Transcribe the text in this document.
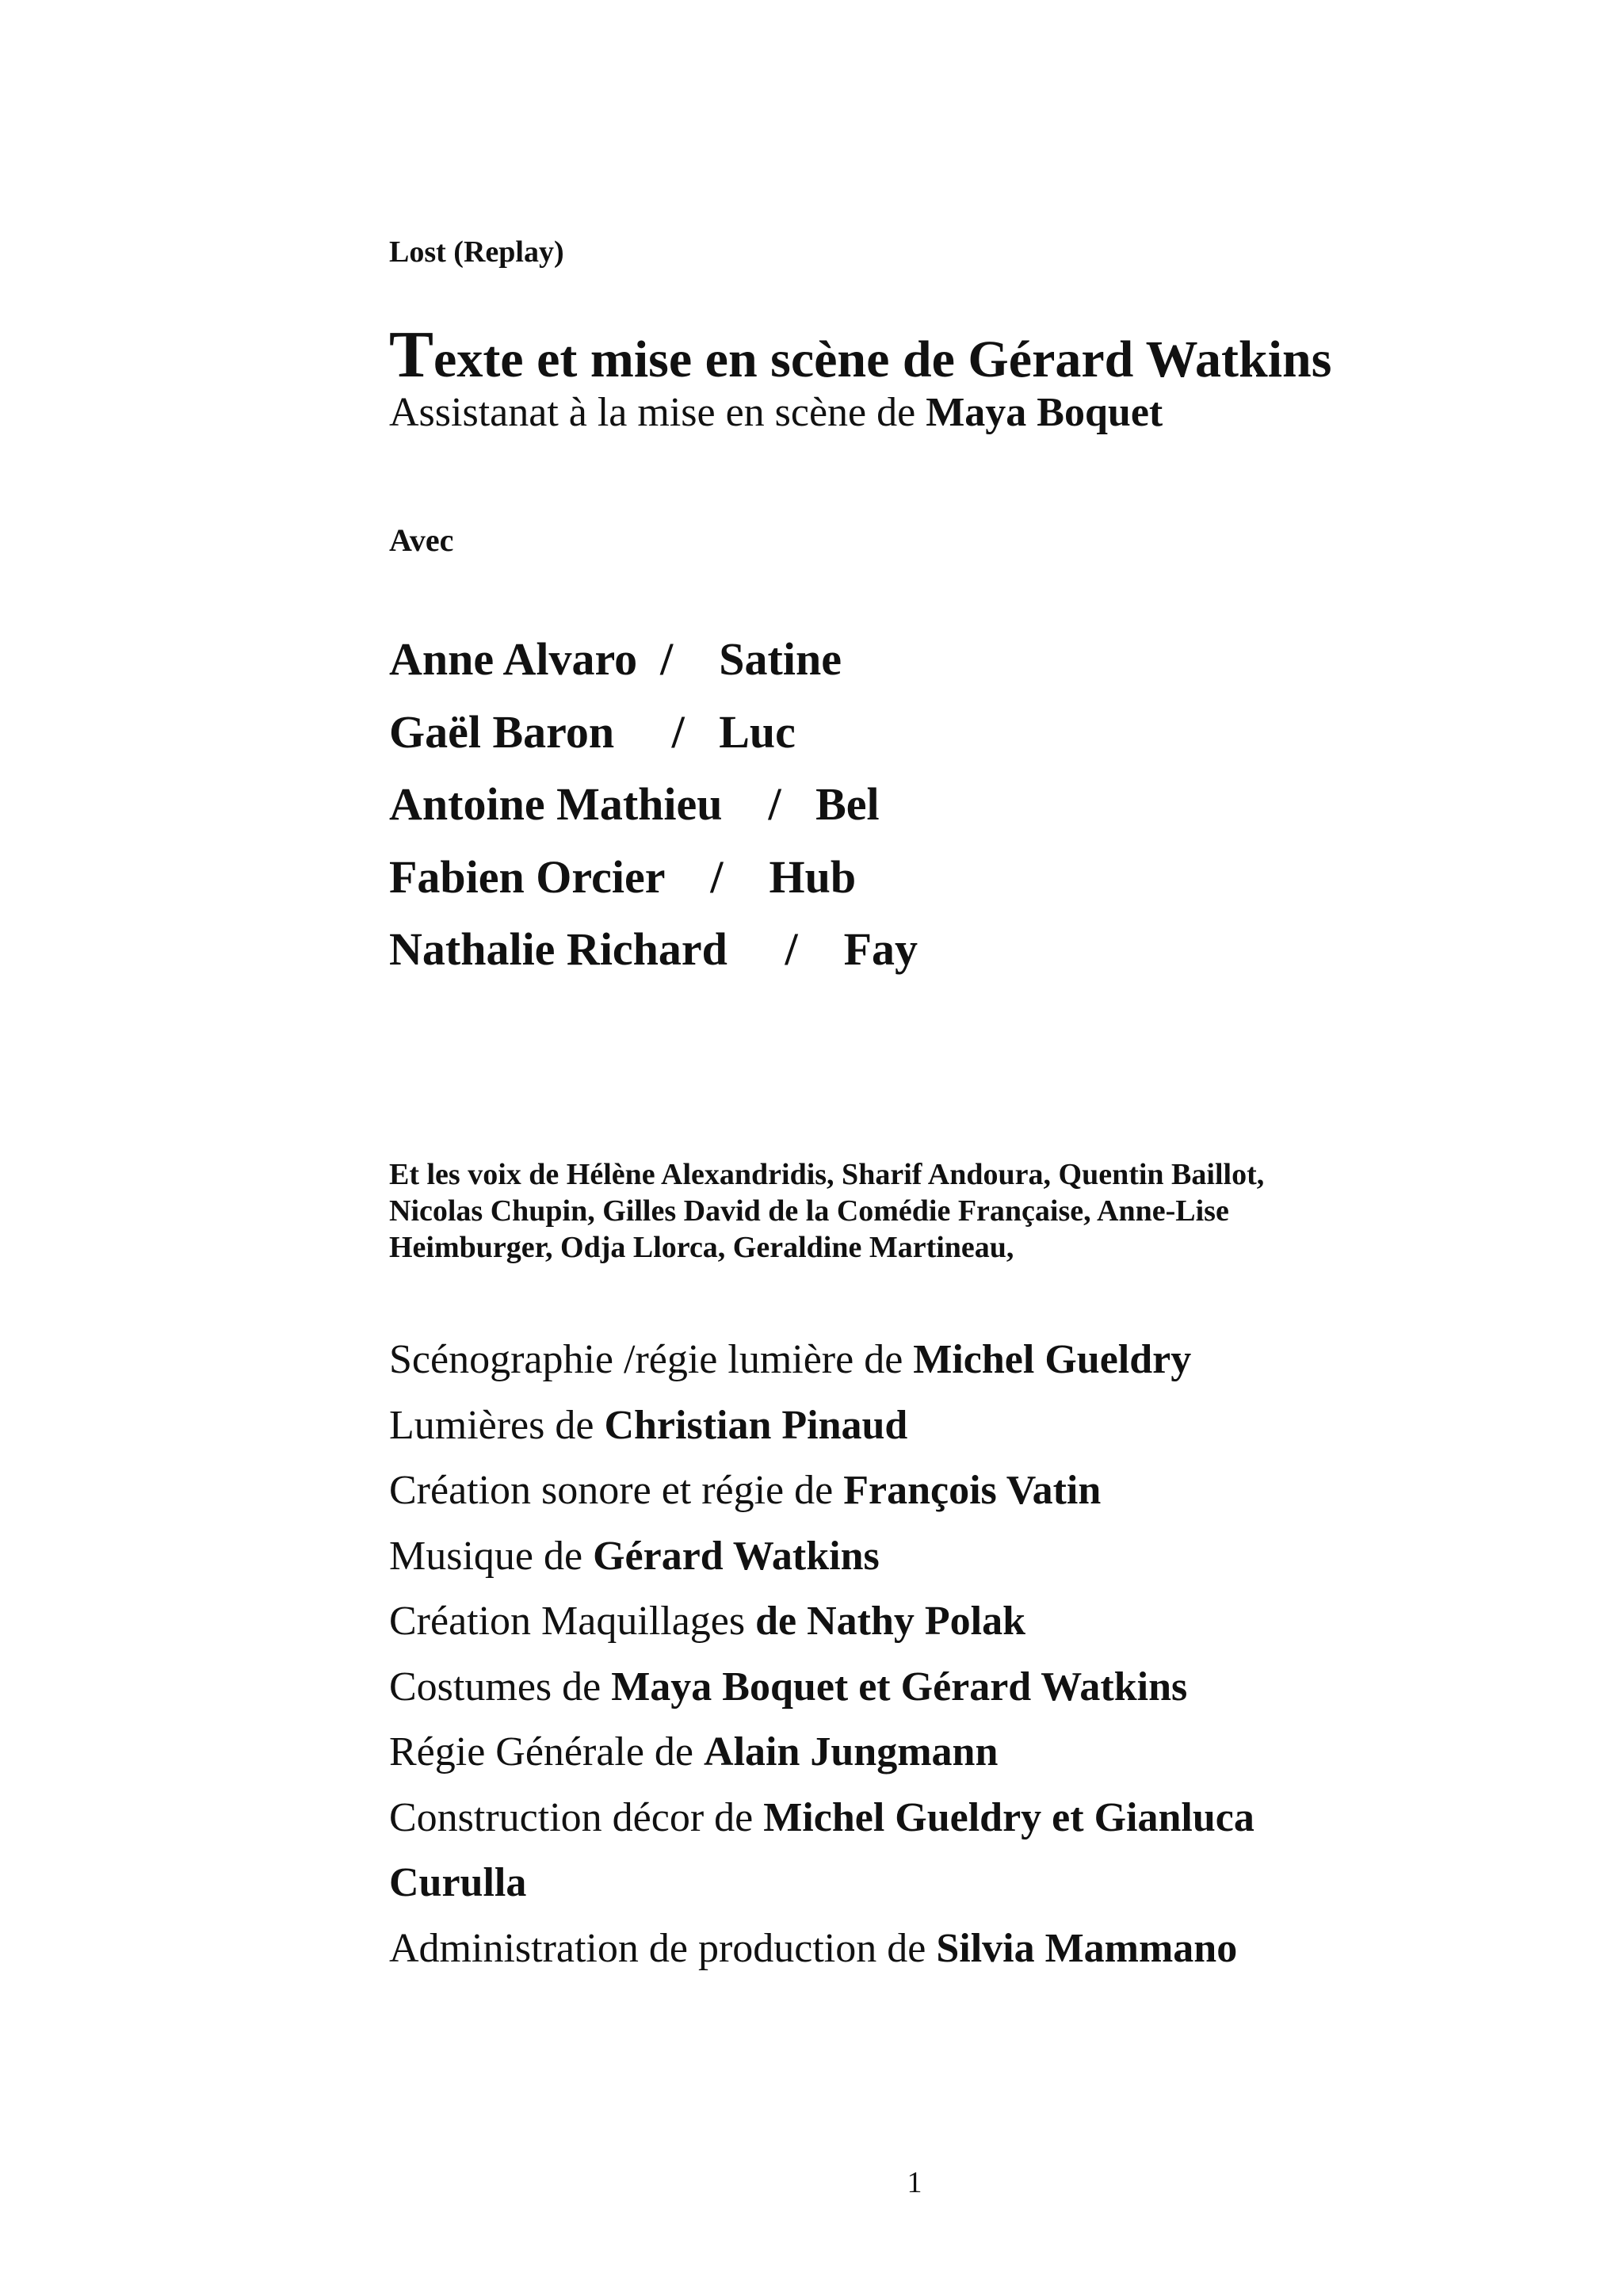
Lost (Replay)
Texte et mise en scène de Gérard Watkins
Assistanat à la mise en scène de Maya Boquet
Avec
Anne Alvaro  /    Satine
Gaël Baron     /   Luc
Antoine Mathieu    /   Bel
Fabien Orcier    /    Hub
Nathalie Richard     /    Fay
Et les voix de Hélène Alexandridis, Sharif Andoura, Quentin Baillot,
Nicolas Chupin, Gilles David de la Comédie Française, Anne-Lise
Heimburger, Odja Llorca, Geraldine Martineau,
Scénographie /régie lumière de Michel Gueldry
Lumières de Christian Pinaud
Création sonore et régie de François Vatin
Musique de Gérard Watkins
Création Maquillages de Nathy Polak
Costumes de Maya Boquet et Gérard Watkins
Régie Générale de Alain Jungmann
Construction décor de Michel Gueldry et Gianluca
Curulla
Administration de production de Silvia Mammano
1
